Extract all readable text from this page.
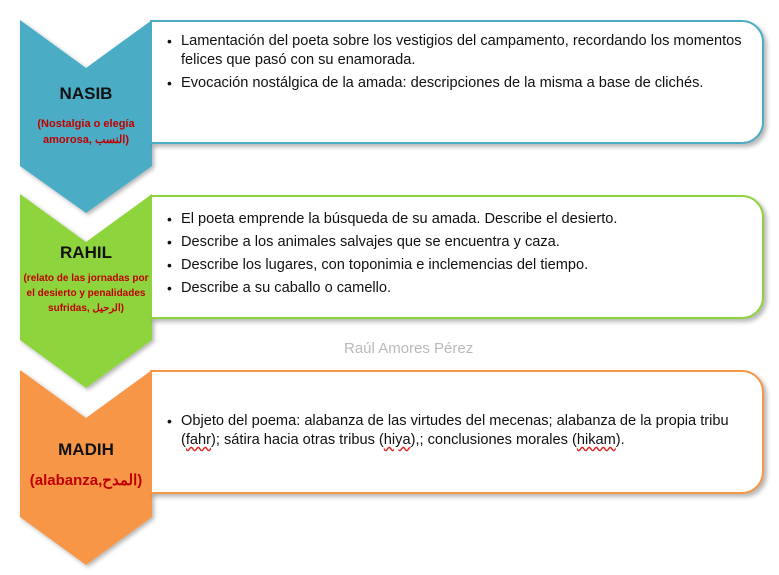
NASIB
(Nostalgia o elegía amorosa, النسب)
• Lamentación del poeta sobre los vestigios del campamento, recordando los momentos felices que pasó con su enamorada.
• Evocación nostálgica de la amada: descripciones de la misma a base de clichés.
RAHIL
(relato de las jornadas por el desierto y penalidades sufridas, الرحيل)
• El poeta emprende la búsqueda de su amada. Describe el desierto.
• Describe a los animales salvajes que se encuentra y caza.
• Describe los lugares, con toponimia e inclemencias del tiempo.
• Describe a su caballo o camello.
Raúl Amores Pérez
MADIH
(alabanza,المدح)
• Objeto del poema: alabanza de las virtudes del mecenas; alabanza de la propia tribu (fahr); sátira hacia otras tribus (hiya),; conclusiones morales (hikam).
